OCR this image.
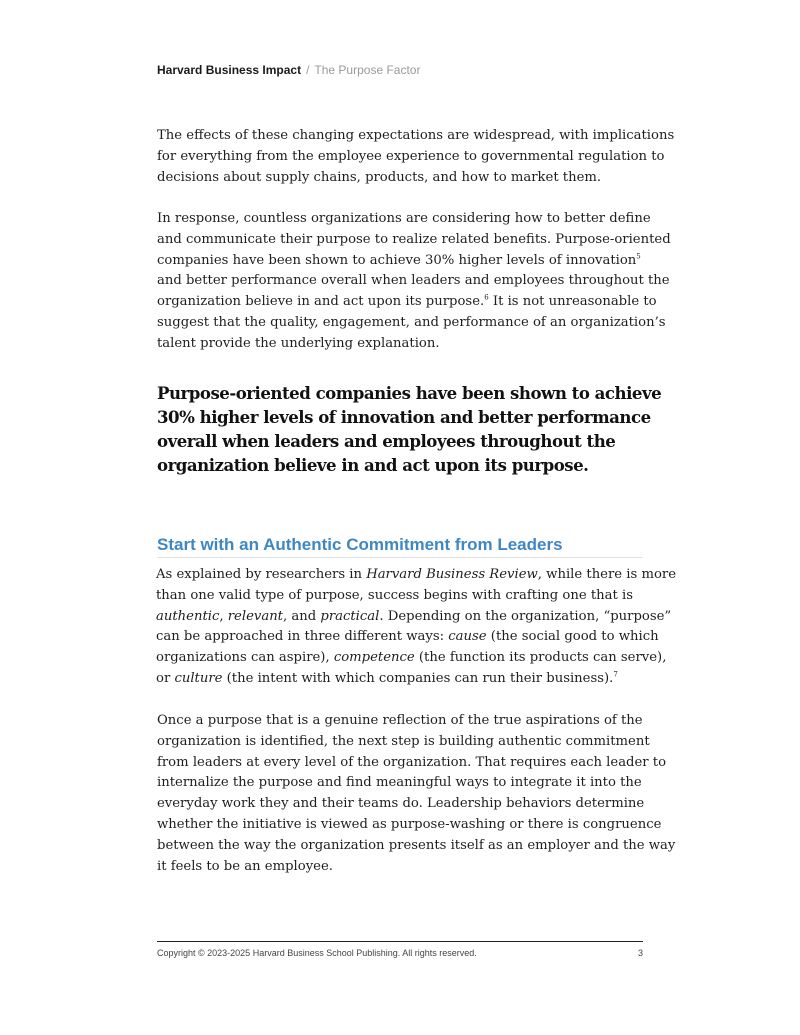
Harvard Business Impact / The Purpose Factor

The effects of these changing expectations are widespread, with implications
for everything from the employee experience to governmental regulation to
decisions about supply chains, products, and how to market them.

In response, countless organizations are considering how to better define
and communicate their purpose to realize related benefits. Purpose-oriented
companies have been shown to achieve 30% higher levels of innovation$^5$
and better performance overall when leaders and employees throughout the
organization believe in and act upon its purpose.$^6$ It is not unreasonable to
suggest that the quality, engagement, and performance of an organization’s
talent provide the underlying explanation.

Purpose-oriented companies have been shown to achieve
30% higher levels of innovation and better performance
overall when leaders and employees throughout the
organization believe in and act upon its purpose.

Start with an Authentic Commitment from Leaders

As explained by researchers in Harvard Business Review, while there is more
than one valid type of purpose, success begins with crafting one that is
authentic, relevant, and practical. Depending on the organization, “purpose”
can be approached in three different ways: cause (the social good to which
organizations can aspire), competence (the function its products can serve),
or culture (the intent with which companies can run their business).$^7$

Once a purpose that is a genuine reflection of the true aspirations of the
organization is identified, the next step is building authentic commitment
from leaders at every level of the organization. That requires each leader to
internalize the purpose and find meaningful ways to integrate it into the
everyday work they and their teams do. Leadership behaviors determine
whether the initiative is viewed as purpose-washing or there is congruence
between the way the organization presents itself as an employer and the way
it feels to be an employee.

Copyright © 2023-2025 Harvard Business School Publishing. All rights reserved.	3
